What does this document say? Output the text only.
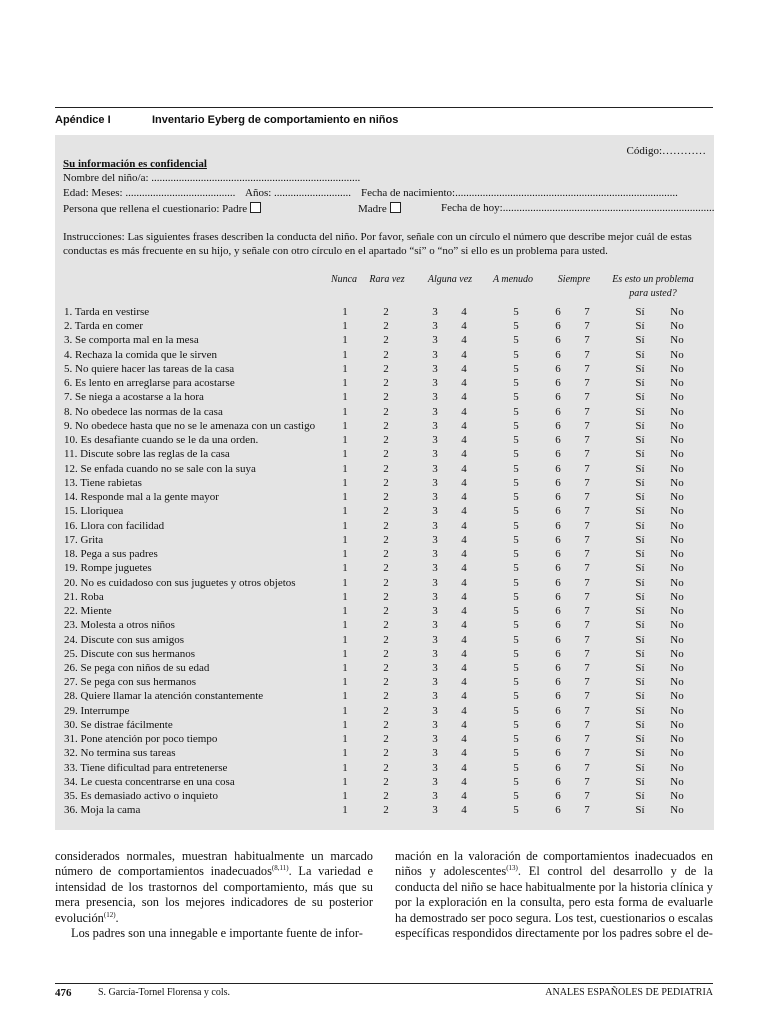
Apéndice I	Inventario Eyberg de comportamiento en niños
Código:…………
Su información es confidencial
Nombre del niño/a: ............................................................................
Edad: Meses: ........................................ Años: ............................ Fecha de nacimiento:.................................................................................
Persona que rellena el cuestionario: Padre	Madre	Fecha de hoy:.............................................................................
Instrucciones: Las siguientes frases describen la conducta del niño. Por favor, señale con un círculo el número que describe mejor cuál de estas conductas es más frecuente en su hijo, y señale con otro círculo en el apartado “sí” o “no” si ello es un problema para usted.
Nunca	Rara vez	Alguna vez	A menudo	Siempre	Es esto un problema
para usted?
1. Tarda en vestirse	1	2	3	4	5	6	7	Sí	No
2. Tarda en comer	1	2	3	4	5	6	7	Sí	No
3. Se comporta mal en la mesa	1	2	3	4	5	6	7	Sí	No
4. Rechaza la comida que le sirven	1	2	3	4	5	6	7	Sí	No
5. No quiere hacer las tareas de la casa	1	2	3	4	5	6	7	Sí	No
6. Es lento en arreglarse para acostarse	1	2	3	4	5	6	7	Sí	No
7. Se niega a acostarse a la hora	1	2	3	4	5	6	7	Sí	No
8. No obedece las normas de la casa	1	2	3	4	5	6	7	Sí	No
9. No obedece hasta que no se le amenaza con un castigo	1	2	3	4	5	6	7	Sí	No
10. Es desafiante cuando se le da una orden.	1	2	3	4	5	6	7	Sí	No
11. Discute sobre las reglas de la casa	1	2	3	4	5	6	7	Sí	No
12. Se enfada cuando no se sale con la suya	1	2	3	4	5	6	7	Sí	No
13. Tiene rabietas	1	2	3	4	5	6	7	Sí	No
14. Responde mal a la gente mayor	1	2	3	4	5	6	7	Sí	No
15. Lloriquea	1	2	3	4	5	6	7	Sí	No
16. Llora con facilidad	1	2	3	4	5	6	7	Sí	No
17. Grita	1	2	3	4	5	6	7	Sí	No
18. Pega a sus padres	1	2	3	4	5	6	7	Sí	No
19. Rompe juguetes	1	2	3	4	5	6	7	Sí	No
20. No es cuidadoso con sus juguetes y otros objetos	1	2	3	4	5	6	7	Sí	No
21. Roba	1	2	3	4	5	6	7	Sí	No
22. Miente	1	2	3	4	5	6	7	Sí	No
23. Molesta a otros niños	1	2	3	4	5	6	7	Sí	No
24. Discute con sus amigos	1	2	3	4	5	6	7	Sí	No
25. Discute con sus hermanos	1	2	3	4	5	6	7	Sí	No
26. Se pega con niños de su edad	1	2	3	4	5	6	7	Sí	No
27. Se pega con sus hermanos	1	2	3	4	5	6	7	Sí	No
28. Quiere llamar la atención constantemente	1	2	3	4	5	6	7	Sí	No
29. Interrumpe	1	2	3	4	5	6	7	Sí	No
30. Se distrae fácilmente	1	2	3	4	5	6	7	Sí	No
31. Pone atención por poco tiempo	1	2	3	4	5	6	7	Sí	No
32. No termina sus tareas	1	2	3	4	5	6	7	Sí	No
33. Tiene dificultad para entretenerse	1	2	3	4	5	6	7	Sí	No
34. Le cuesta concentrarse en una cosa	1	2	3	4	5	6	7	Sí	No
35. Es demasiado activo o inquieto	1	2	3	4	5	6	7	Sí	No
36. Moja la cama	1	2	3	4	5	6	7	Sí	No
considerados normales, muestran habitualmente un marcado número de comportamientos inadecuados$^{(8,11)}$. La variedad e intensidad de los trastornos del comportamiento, más que su mera presencia, son los mejores indicadores de su posterior evolución$^{(12)}$.
Los padres son una innegable e importante fuente de infor-
mación en la valoración de comportamientos inadecuados en niños y adolescentes$^{(13)}$. El control del desarrollo y de la conducta del niño se hace habitualmente por la historia clínica y por la exploración en la consulta, pero esta forma de evaluarle ha demostrado ser poco segura. Los test, cuestionarios o escalas específicas respondidos directamente por los padres sobre el de-
476	S. García-Tornel Florensa y cols.	ANALES ESPAÑOLES DE PEDIATRIA
